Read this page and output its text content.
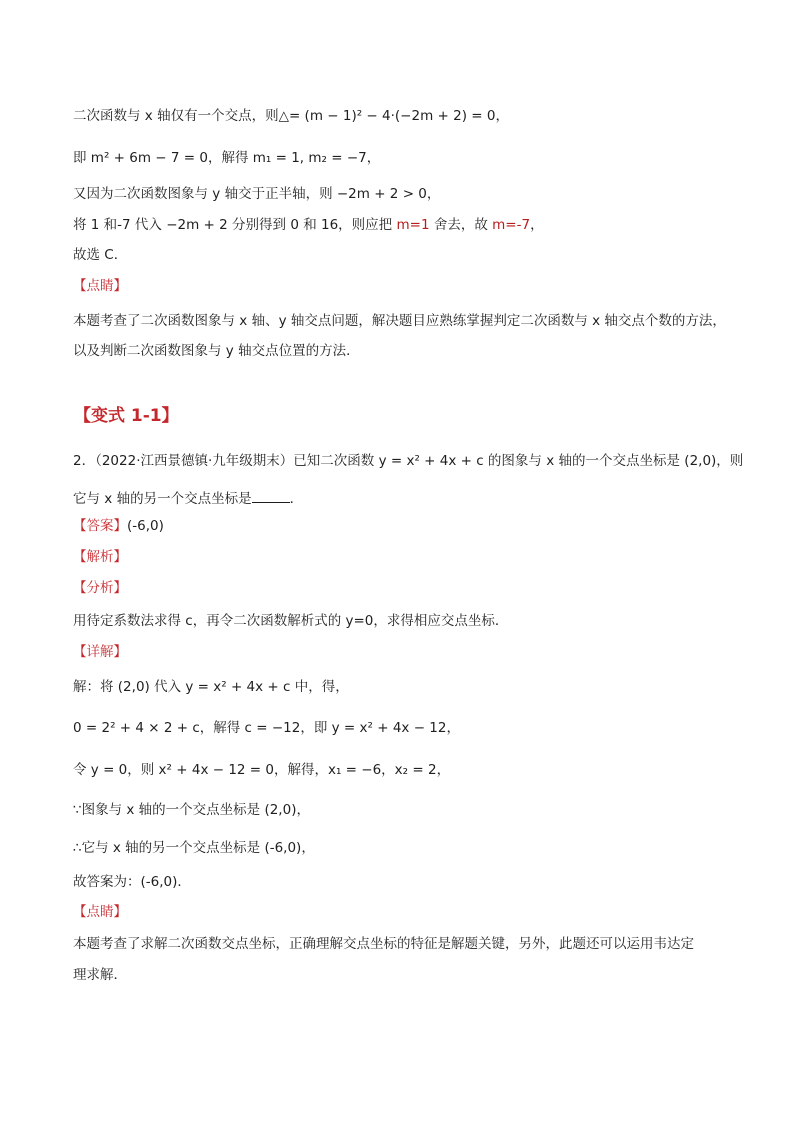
二次函数与 x 轴仅有一个交点，则△= (m − 1)² − 4·(−2m + 2) = 0，
即 m² + 6m − 7 = 0，解得 m₁ = 1, m₂ = −7，
又因为二次函数图象与 y 轴交于正半轴，则 −2m + 2 > 0，
将 1 和-7 代入 −2m + 2 分别得到 0 和 16，则应把 m=1 舍去，故 m=-7，
故选 C．
【点睛】
本题考查了二次函数图象与 x 轴、y 轴交点问题，解决题目应熟练掌握判定二次函数与 x 轴交点个数的方法，
以及判断二次函数图象与 y 轴交点位置的方法．
【变式 1-1】
2．（2022·江西景德镇·九年级期末）已知二次函数 y = x² + 4x + c 的图象与 x 轴的一个交点坐标是 (2,0)，则
它与 x 轴的另一个交点坐标是	．
【答案】(-6,0)
【解析】
【分析】
用待定系数法求得 c，再令二次函数解析式的 y=0，求得相应交点坐标．
【详解】
解：将 (2,0) 代入 y = x² + 4x + c 中，得，
0 = 2² + 4 × 2 + c，解得 c = −12，即 y = x² + 4x − 12，
令 y = 0，则 x² + 4x − 12 = 0，解得，x₁ = −6，x₂ = 2，
∵图象与 x 轴的一个交点坐标是 (2,0)，
∴它与 x 轴的另一个交点坐标是 (-6,0)，
故答案为：(-6,0)．
【点睛】
本题考查了求解二次函数交点坐标，正确理解交点坐标的特征是解题关键，另外，此题还可以运用韦达定
理求解．
